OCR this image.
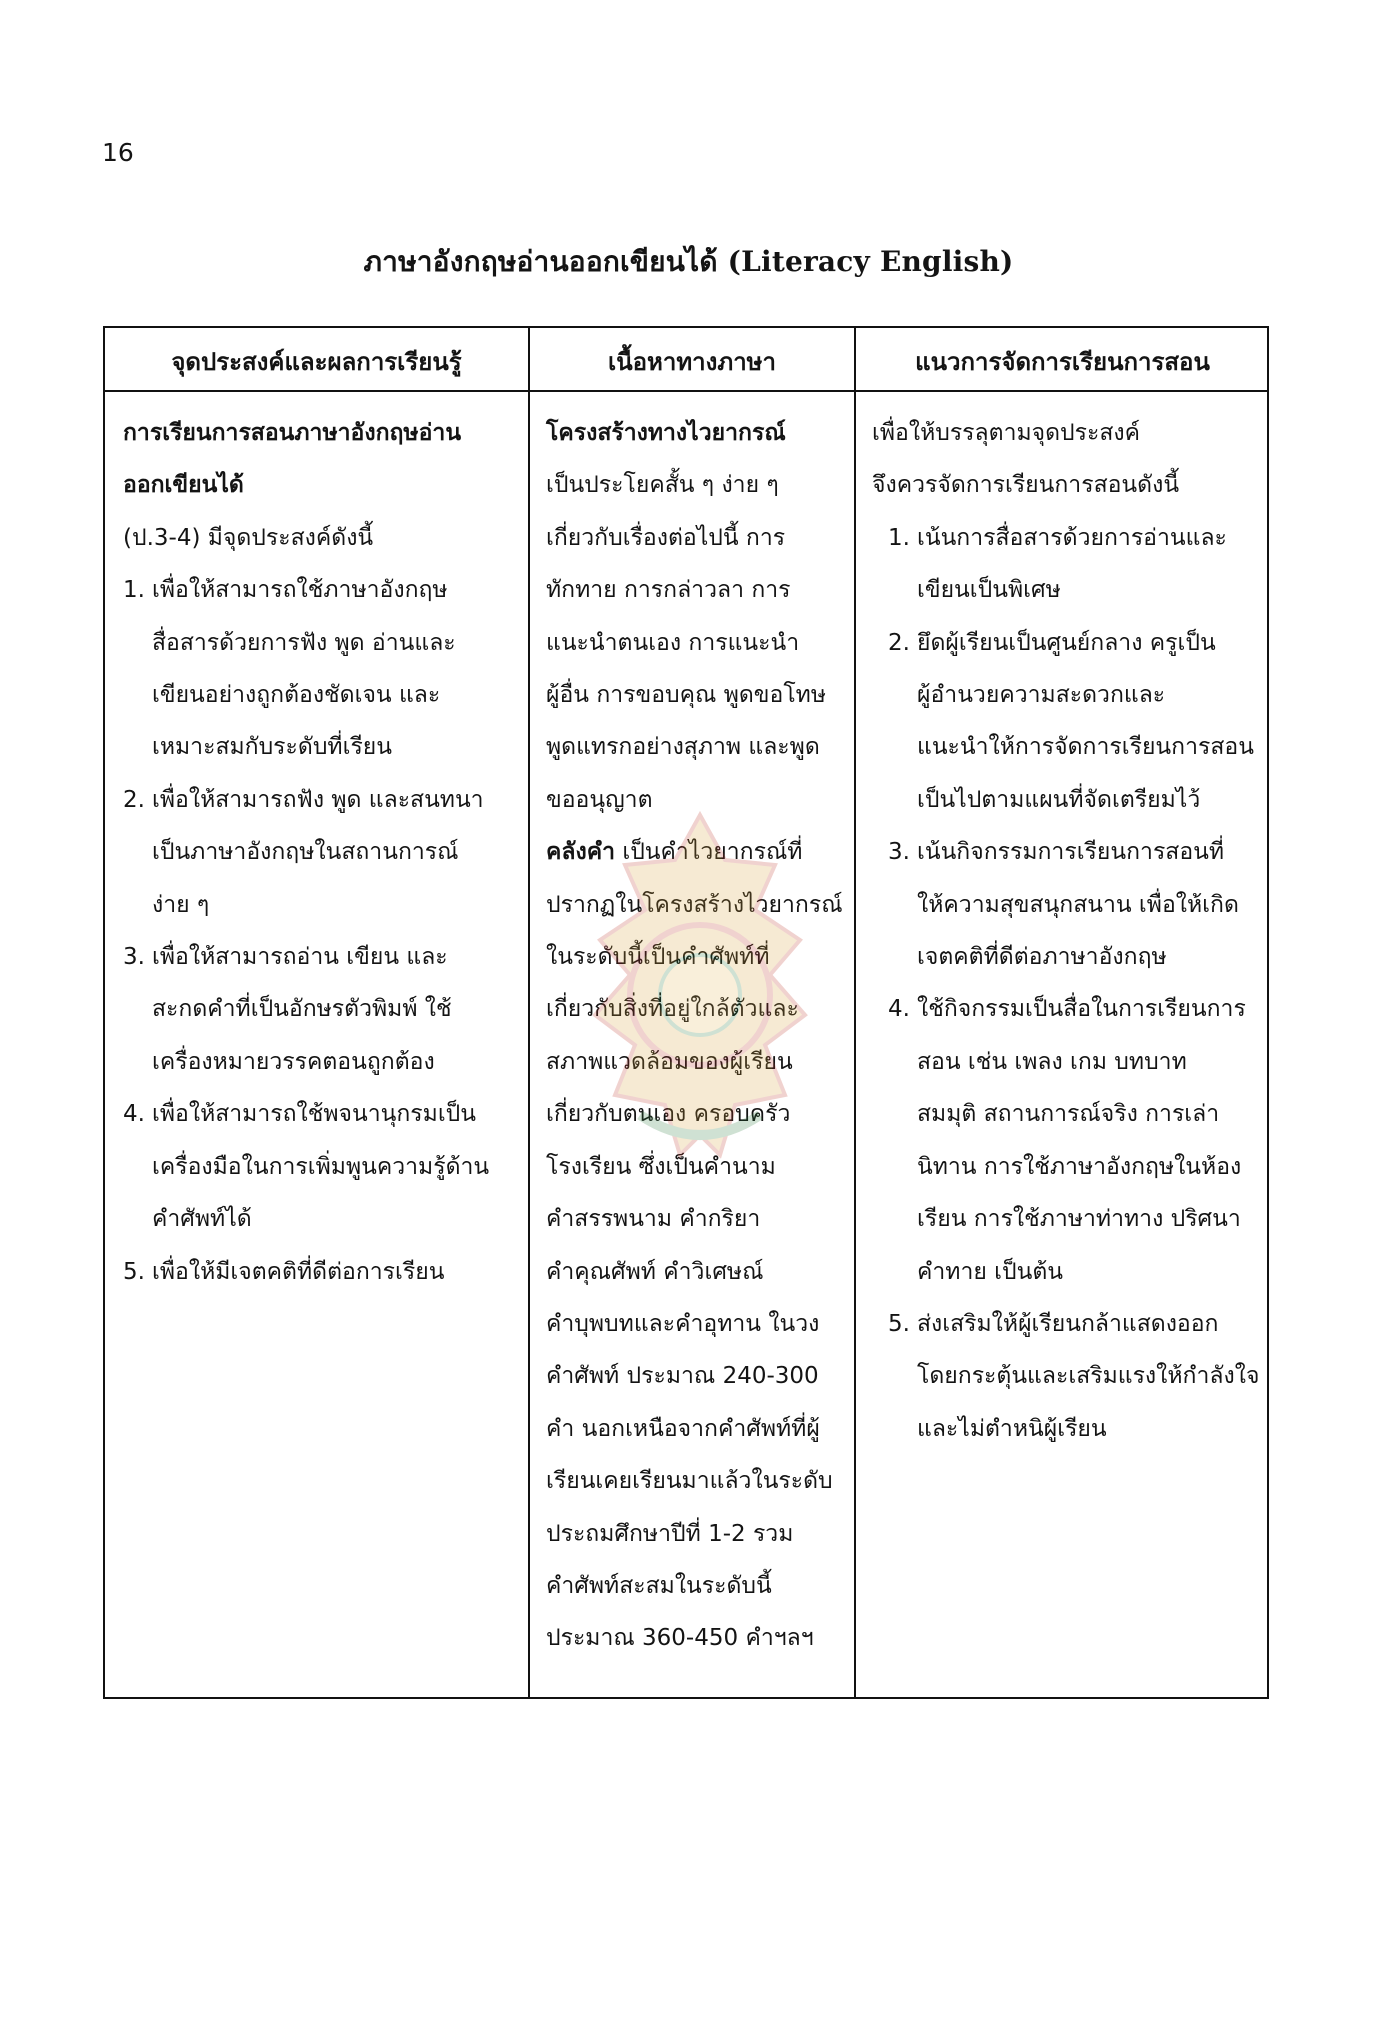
16
ภาษาอังกฤษอ่านออกเขียนได้ (Literacy English)
จุดประสงค์และผลการเรียนรู้	เนื้อหาทางภาษา	แนวการจัดการเรียนการสอน

การเรียนการสอนภาษาอังกฤษอ่าน

ออกเขียนได้

(ป.3-4) มีจุดประสงค์ดังนี้

1. เพื่อให้สามารถใช้ภาษาอังกฤษ
สื่อสารด้วยการฟัง พูด อ่านและ
เขียนอย่างถูกต้องชัดเจน และ
เหมาะสมกับระดับที่เรียน
2. เพื่อให้สามารถฟัง พูด และสนทนา
เป็นภาษาอังกฤษในสถานการณ์
ง่าย ๆ
3. เพื่อให้สามารถอ่าน เขียน และ
สะกดคำที่เป็นอักษรตัวพิมพ์ ใช้
เครื่องหมายวรรคตอนถูกต้อง
4. เพื่อให้สามารถใช้พจนานุกรมเป็น
เครื่องมือในการเพิ่มพูนความรู้ด้าน
คำศัพท์ได้
5. เพื่อให้มีเจตคติที่ดีต่อการเรียน

โครงสร้างทางไวยากรณ์

เป็นประโยคสั้น ๆ ง่าย ๆ

เกี่ยวกับเรื่องต่อไปนี้ การ

ทักทาย การกล่าวลา การ

แนะนำตนเอง การแนะนำ

ผู้อื่น การขอบคุณ พูดขอโทษ

พูดแทรกอย่างสุภาพ และพูด

ขออนุญาต

คลังคำ เป็นคำไวยากรณ์ที่

ปรากฏในโครงสร้างไวยากรณ์

ในระดับนี้เป็นคำศัพท์ที่

เกี่ยวกับสิ่งที่อยู่ใกล้ตัวและ

สภาพแวดล้อมของผู้เรียน

เกี่ยวกับตนเอง ครอบครัว

โรงเรียน ซึ่งเป็นคำนาม

คำสรรพนาม คำกริยา

คำคุณศัพท์ คำวิเศษณ์

คำบุพบทและคำอุทาน ในวง

คำศัพท์ ประมาณ 240-300

คำ นอกเหนือจากคำศัพท์ที่ผู้

เรียนเคยเรียนมาแล้วในระดับ

ประถมศึกษาปีที่ 1-2 รวม

คำศัพท์สะสมในระดับนี้

ประมาณ 360-450 คำฯลฯ

เพื่อให้บรรลุตามจุดประสงค์

จึงควรจัดการเรียนการสอนดังนี้

1. เน้นการสื่อสารด้วยการอ่านและ
เขียนเป็นพิเศษ
2. ยึดผู้เรียนเป็นศูนย์กลาง ครูเป็น
ผู้อำนวยความสะดวกและ
แนะนำให้การจัดการเรียนการสอน
เป็นไปตามแผนที่จัดเตรียมไว้
3. เน้นกิจกรรมการเรียนการสอนที่
ให้ความสุขสนุกสนาน เพื่อให้เกิด
เจตคติที่ดีต่อภาษาอังกฤษ
4. ใช้กิจกรรมเป็นสื่อในการเรียนการ
สอน เช่น เพลง เกม บทบาท
สมมุติ สถานการณ์จริง การเล่า
นิทาน การใช้ภาษาอังกฤษในห้อง
เรียน การใช้ภาษาท่าทาง ปริศนา
คำทาย เป็นต้น
5. ส่งเสริมให้ผู้เรียนกล้าแสดงออก
โดยกระตุ้นและเสริมแรงให้กำลังใจ
และไม่ตำหนิผู้เรียน
